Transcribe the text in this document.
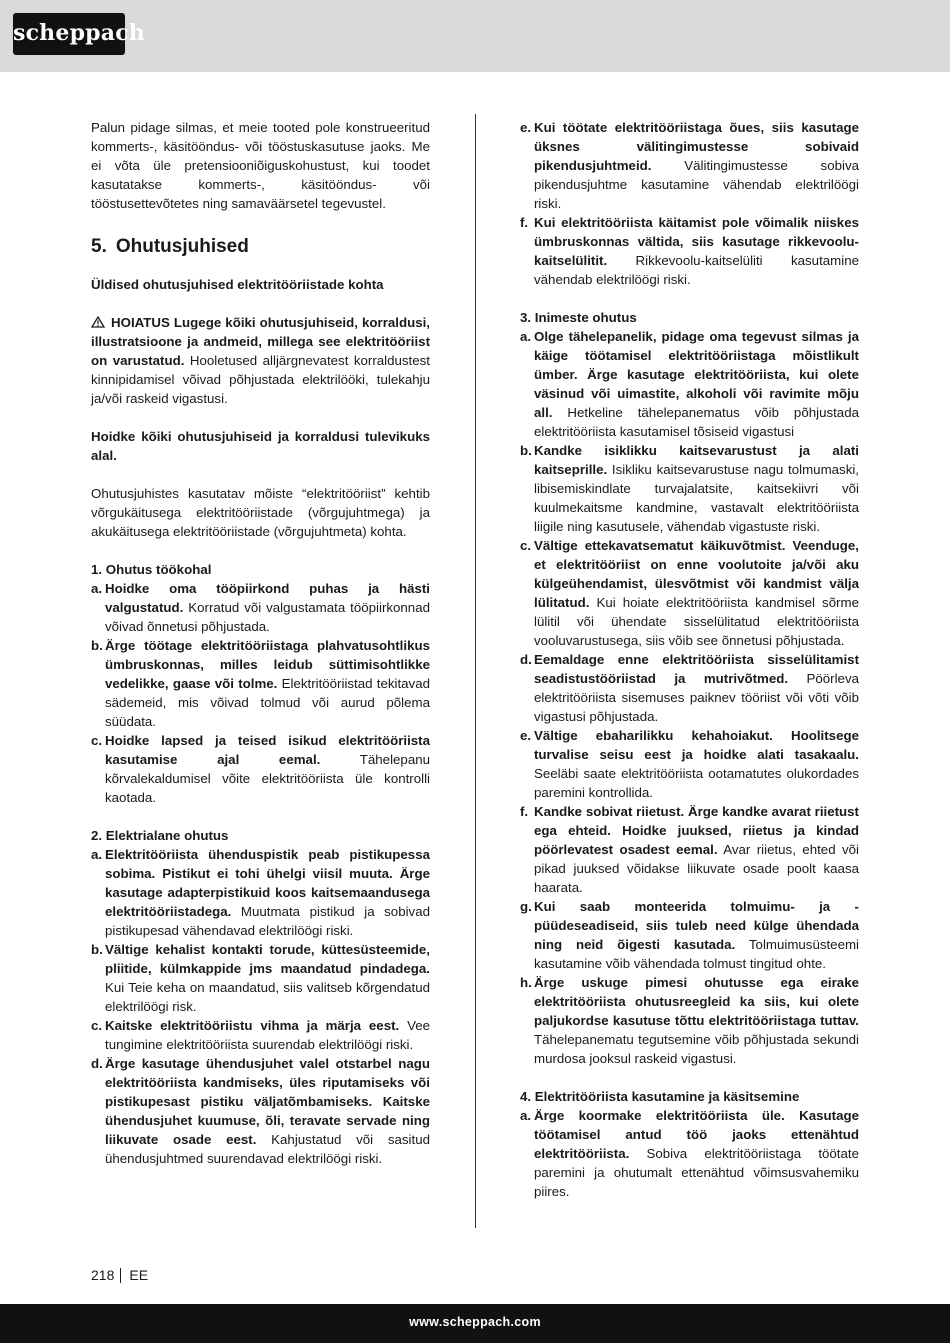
scheppach

Palun pidage silmas, et meie tooted pole konstrueeritud kommerts-, käsitööndus- või tööstuskasutuse jaoks. Me ei võta üle pretensiooniõiguskohustust, kui toodet kasutatakse kommerts-, käsitööndus- või tööstusettevõtetes ning samaväärsetel tegevustel.

5. Ohutusjuhised

Üldised ohutusjuhised elektritööriistade kohta

HOIATUS Lugege kõiki ohutusjuhiseid, korraldusi, illustratsioone ja andmeid, millega see elektritööriist on varustatud. Hooletused alljärgnevatest korraldustest kinnipidamisel võivad põhjustada elektrilööki, tulekahju ja/või raskeid vigastusi.

Hoidke kõiki ohutusjuhiseid ja korraldusi tulevikuks alal.

Ohutusjuhistes kasutatav mõiste “elektritööriist” kehtib võrgukäitusega elektritööriistade (võrgujuhtmega) ja akukäitusega elektritööriistade (võrgujuhtmeta) kohta.

1. Ohutus töökohal

a. Hoidke oma tööpiirkond puhas ja hästi valgustatud. Korratud või valgustamata tööpiirkonnad võivad õnnetusi põhjustada.
b. Ärge töötage elektritööriistaga plahvatusohtlikus ümbruskonnas, milles leidub süttimisohtlikke vedelikke, gaase või tolme. Elektritööriistad tekitavad sädemeid, mis võivad tolmud või aurud põlema süüdata.
c. Hoidke lapsed ja teised isikud elektritööriista kasutamise ajal eemal. Tähelepanu kõrvalekaldumisel võite elektritööriista üle kontrolli kaotada.

2. Elektrialane ohutus

a. Elektritööriista ühenduspistik peab pistikupessa sobima. Pistikut ei tohi ühelgi viisil muuta. Ärge kasutage adapterpistikuid koos kaitsemaandusega elektritööriistadega. Muutmata pistikud ja sobivad pistikupesad vähendavad elektrilöögi riski.
b. Vältige kehalist kontakti torude, küttesüsteemide, pliitide, külmkappide jms maandatud pindadega. Kui Teie keha on maandatud, siis valitseb kõrgendatud elektrilöögi risk.
c. Kaitske elektritööriistu vihma ja märja eest. Vee tungimine elektritööriista suurendab elektrilöögi riski.
d. Ärge kasutage ühendusjuhet valel otstarbel nagu elektritööriista kandmiseks, üles riputamiseks või pistikupesast pistiku väljatõmbamiseks. Kaitske ühendusjuhet kuumuse, õli, teravate servade ning liikuvate osade eest. Kahjustatud või sasitud ühendusjuhtmed suurendavad elektrilöögi riski.
e. Kui töötate elektritööriistaga õues, siis kasutage üksnes välitingimustesse sobivaid pikendusjuhtmeid. Välitingimustesse sobiva pikendusjuhtme kasutamine vähendab elektrilöögi riski.
f. Kui elektritööriista käitamist pole võimalik niiskes ümbruskonnas vältida, siis kasutage rikkevoolu-kaitselülitit. Rikkevoolu-kaitselüliti kasutamine vähendab elektrilöögi riski.

3. Inimeste ohutus

a. Olge tähelepanelik, pidage oma tegevust silmas ja käige töötamisel elektritööriistaga mõistlikult ümber. Ärge kasutage elektritööriista, kui olete väsinud või uimastite, alkoholi või ravimite mõju all. Hetkeline tähelepanematus võib põhjustada elektritööriista kasutamisel tõsiseid vigastusi
b. Kandke isiklikku kaitsevarustust ja alati kaitseprille. Isikliku kaitsevarustuse nagu tolmumaski, libisemiskindlate turvajalatsite, kaitsekiivri või kuulmekaitsme kandmine, vastavalt elektritööriista liigile ning kasutusele, vähendab vigastuste riski.
c. Vältige ettekavatsematut käikuvõtmist. Veenduge, et elektritööriist on enne voolutoite ja/või aku külgeühendamist, ülesvõtmist või kandmist välja lülitatud. Kui hoiate elektritööriista kandmisel sõrme lülitil või ühendate sisselülitatud elektritööriista vooluvarustusega, siis võib see õnnetusi põhjustada.
d. Eemaldage enne elektritööriista sisselülitamist seadistustööriistad ja mutrivõtmed. Pöörleva elektritööriista sisemuses paiknev tööriist või võti võib vigastusi põhjustada.
e. Vältige ebaharilikku kehahoiakut. Hoolitsege turvalise seisu eest ja hoidke alati tasakaalu. Seeläbi saate elektritööriista ootamatutes olukordades paremini kontrollida.
f. Kandke sobivat riietust. Ärge kandke avarat riietust ega ehteid. Hoidke juuksed, riietus ja kindad pöörlevatest osadest eemal. Avar riietus, ehted või pikad juuksed võidakse liikuvate osade poolt kaasa haarata.
g. Kui saab monteerida tolmuimu- ja -püüdeseadiseid, siis tuleb need külge ühendada ning neid õigesti kasutada. Tolmuimusüsteemi kasutamine võib vähendada tolmust tingitud ohte.
h. Ärge uskuge pimesi ohutusse ega eirake elektritööriista ohutusreegleid ka siis, kui olete paljukordse kasutuse tõttu elektritööriistaga tuttav. Tähelepanematu tegutsemine võib põhjustada sekundi murdosa jooksul raskeid vigastusi.

4. Elektritööriista kasutamine ja käsitsemine

a. Ärge koormake elektritööriista üle. Kasutage töötamisel antud töö jaoks ettenähtud elektritööriista. Sobiva elektritööriistaga töötate paremini ja ohutumalt ettenähtud võimsusvahemiku piires.
218 EE
www.scheppach.com
